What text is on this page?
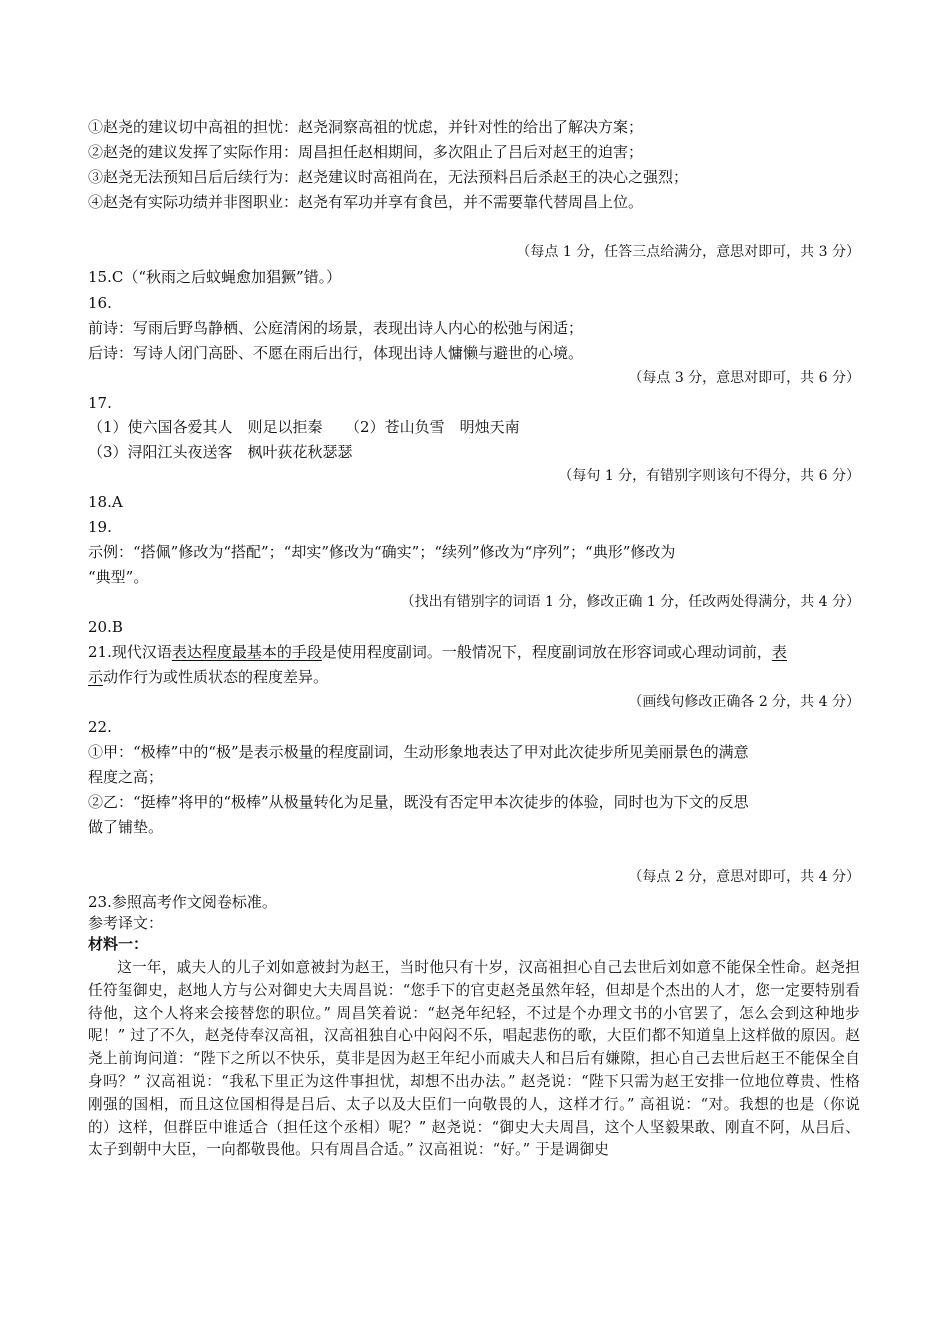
①赵尧的建议切中高祖的担忧：赵尧洞察高祖的忧虑，并针对性的给出了解决方案；
②赵尧的建议发挥了实际作用：周昌担任赵相期间，多次阻止了吕后对赵王的迫害；
③赵尧无法预知吕后后续行为：赵尧建议时高祖尚在，无法预料吕后杀赵王的决心之强烈；
④赵尧有实际功绩并非图职业：赵尧有军功并享有食邑，并不需要靠代替周昌上位。
（每点 1 分，任答三点给满分，意思对即可，共 3 分）
15.C（“秋雨之后蚊蝇愈加猖獗”错。）
16.
前诗：写雨后野鸟静栖、公庭清闲的场景，表现出诗人内心的松弛与闲适；
后诗：写诗人闭门高卧、不愿在雨后出行，体现出诗人慵懒与避世的心境。
（每点 3 分，意思对即可，共 6 分）
17.
（1）使六国各爱其人　则足以拒秦　　（2）苍山负雪　明烛天南
（3）浔阳江头夜送客　枫叶荻花秋瑟瑟
（每句 1 分，有错别字则该句不得分，共 6 分）
18.A
19.
示例：“搭佩”修改为“搭配”；“却实”修改为“确实”；“续列”修改为“序列”；“典形”修改为
“典型”。
（找出有错别字的词语 1 分，修改正确 1 分，任改两处得满分，共 4 分）
20.B
21.现代汉语表达程度最基本的手段是使用程度副词。一般情况下，程度副词放在形容词或心理动词前，表
示动作行为或性质状态的程度差异。
（画线句修改正确各 2 分，共 4 分）
22.
①甲：“极棒”中的“极”是表示极量的程度副词，生动形象地表达了甲对此次徒步所见美丽景色的满意
程度之高；
②乙：“挺棒”将甲的“极棒”从极量转化为足量，既没有否定甲本次徒步的体验，同时也为下文的反思
做了铺垫。
（每点 2 分，意思对即可，共 4 分）
23.参照高考作文阅卷标准。
参考译文：
材料一：

这一年，戚夫人的儿子刘如意被封为赵王，当时他只有十岁，汉高祖担心自己去世后刘如意不能保全性命。赵尧担任符玺御史，赵地人方与公对御史大夫周昌说：“您手下的官吏赵尧虽然年轻，但却是个杰出的人才，您一定要特别看待他，这个人将来会接替您的职位。” 周昌笑着说：“赵尧年纪轻，不过是个办理文书的小官罢了，怎么会到这种地步呢！” 过了不久，赵尧侍奉汉高祖，汉高祖独自心中闷闷不乐，唱起悲伤的歌，大臣们都不知道皇上这样做的原因。赵尧上前询问道：“陛下之所以不快乐，莫非是因为赵王年纪小而戚夫人和吕后有嫌隙，担心自己去世后赵王不能保全自身吗？” 汉高祖说：“我私下里正为这件事担忧，却想不出办法。” 赵尧说：“陛下只需为赵王安排一位地位尊贵、性格刚强的国相，而且这位国相得是吕后、太子以及大臣们一向敬畏的人，这样才行。” 高祖说：“对。我想的也是（你说的）这样，但群臣中谁适合（担任这个丞相）呢？” 赵尧说：“御史大夫周昌，这个人坚毅果敢、刚直不阿，从吕后、太子到朝中大臣，一向都敬畏他。只有周昌合适。” 汉高祖说：“好。” 于是调御史
